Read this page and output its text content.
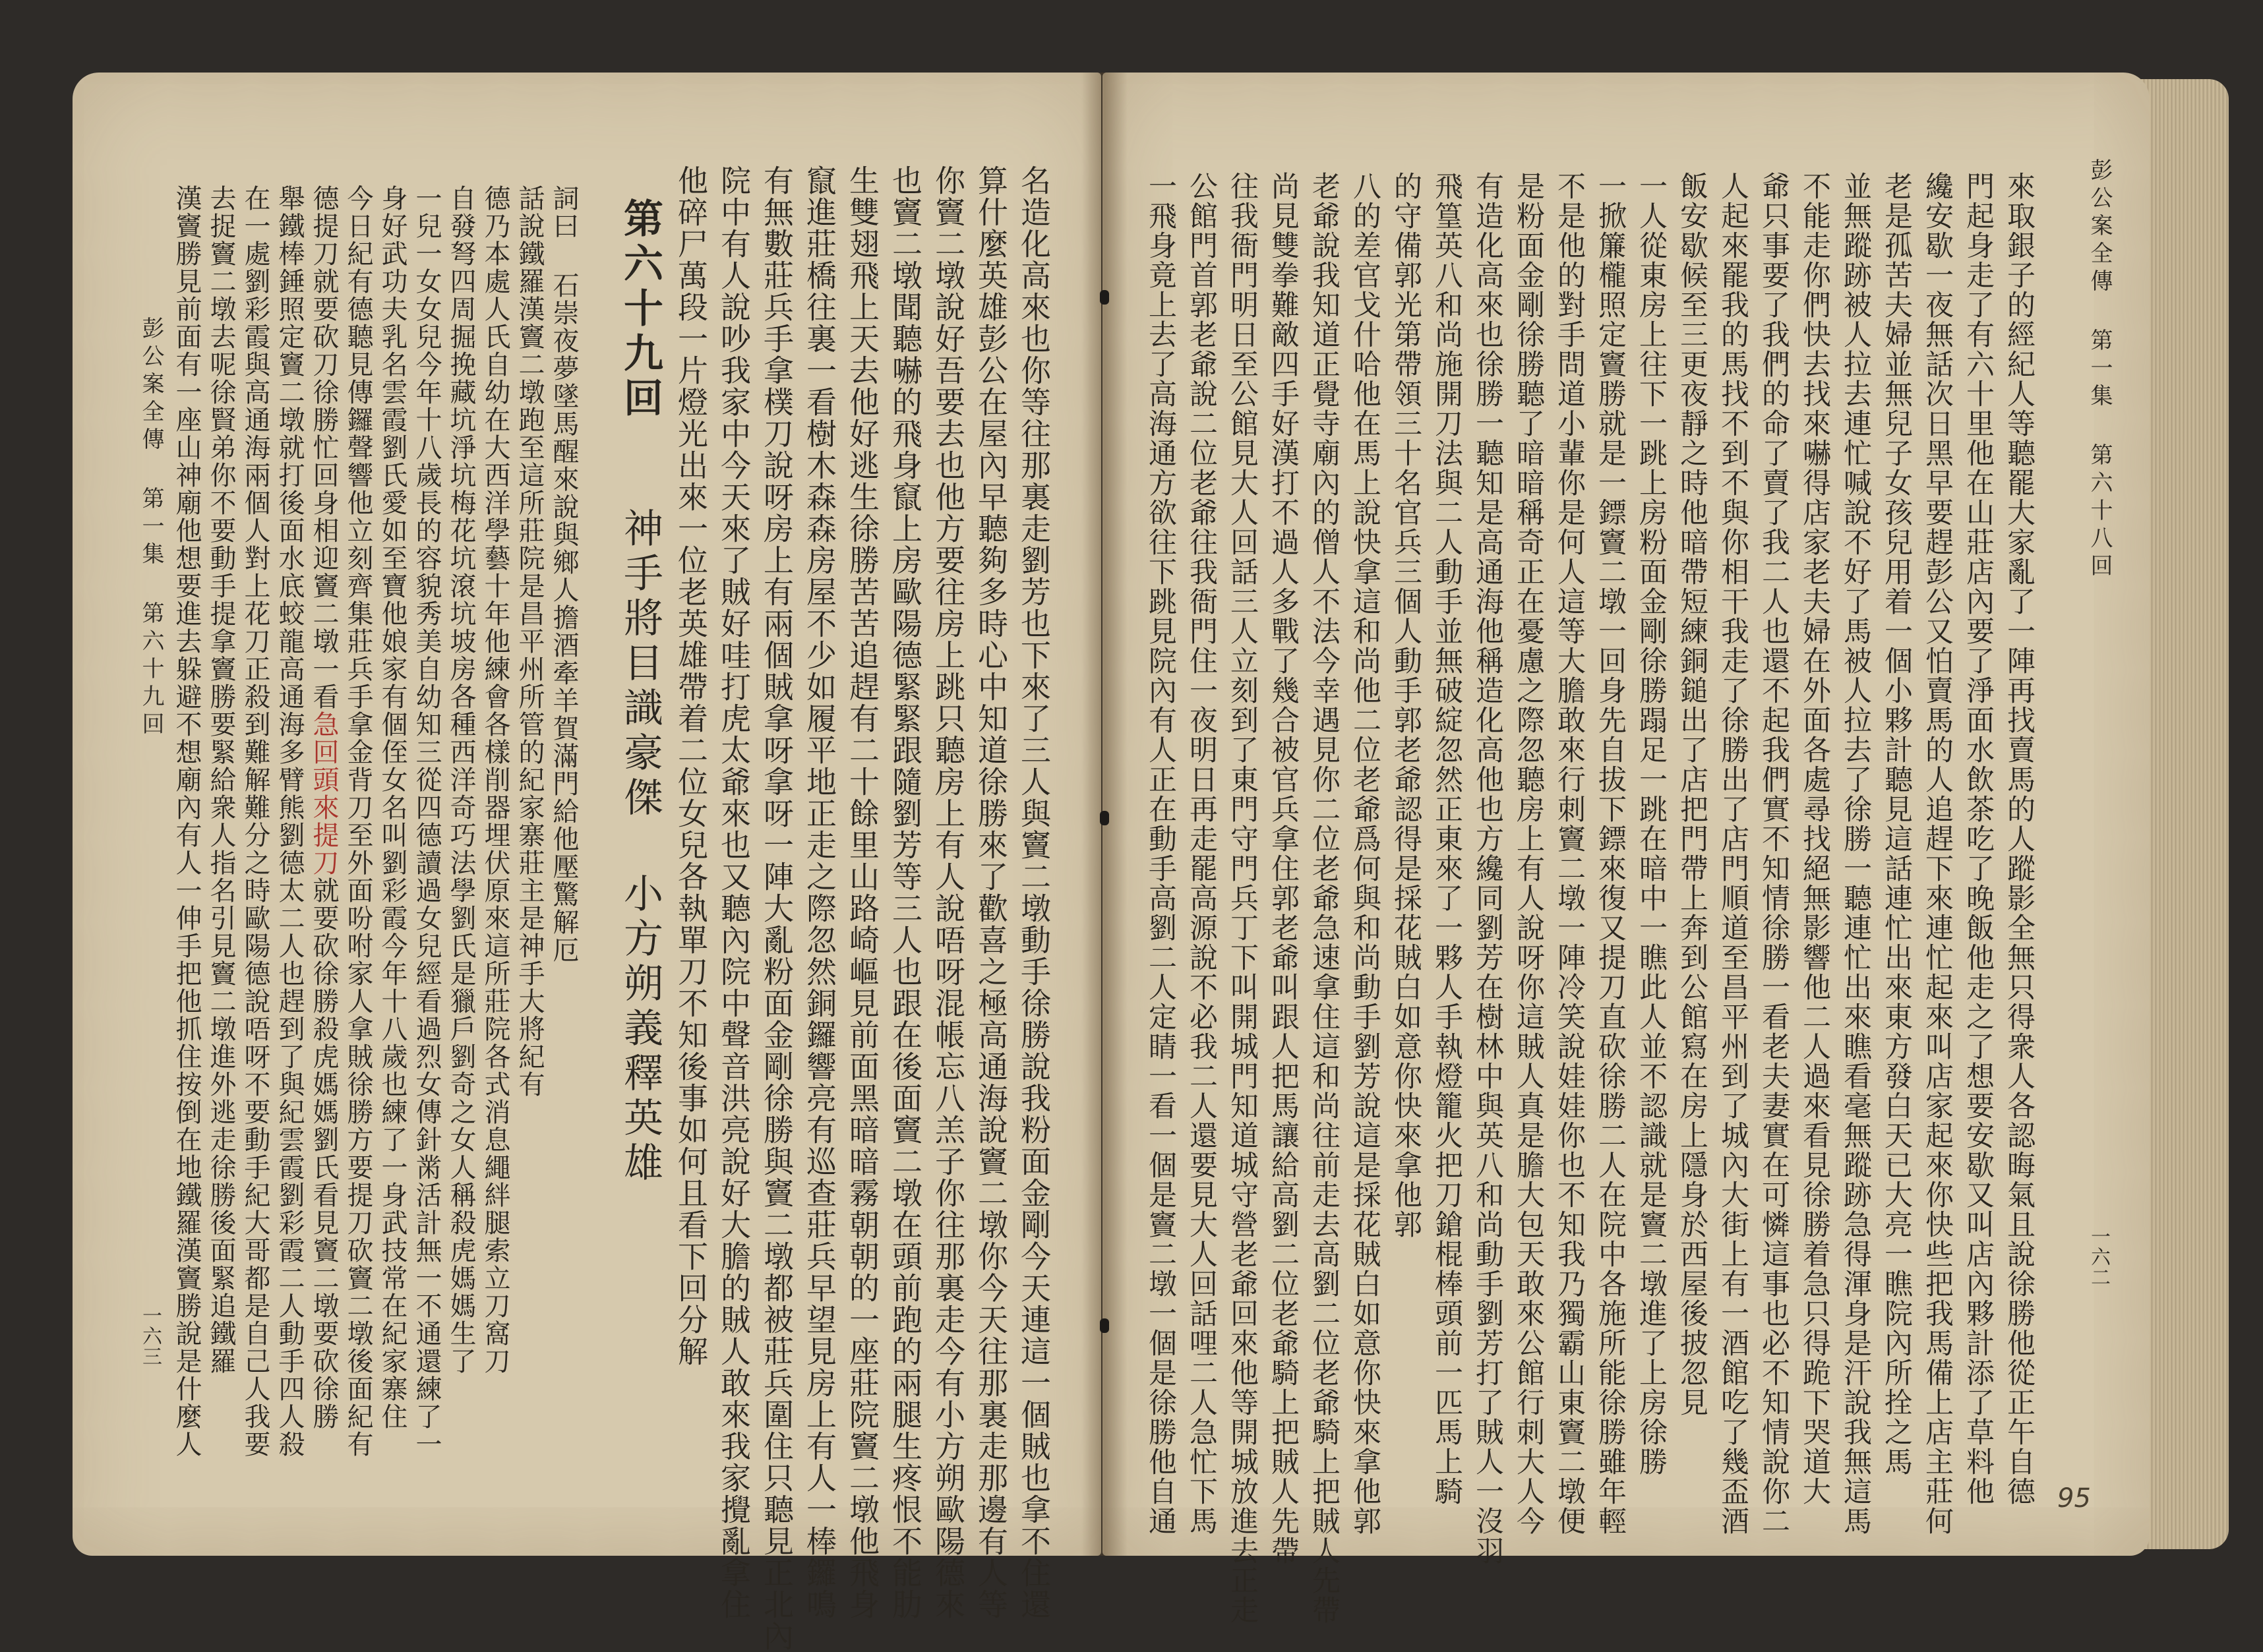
彭公案全傳 第一集 第六十八回
一六二
來取銀子的經紀人等聽罷大家亂了一陣再找賣馬的人蹤影全無只得衆人各認晦氣且說徐勝他從正午自德
門起身走了有六十里他在山莊店內要了淨面水飲茶吃了晚飯他走之了想要安歇又叫店內夥計添了草料他
纔安歇一夜無話次日黑早要趕彭公又怕賣馬的人追趕下來連忙起來叫店家起來你快些把我馬備上店主莊何
老是孤苦夫婦並無兒子女孩兒用着一個小夥計聽見這話連忙出來東方發白天已大亮一瞧院內所拴之馬
並無蹤跡被人拉去連忙喊說不好了馬被人拉去了徐勝一聽連忙出來瞧看毫無蹤跡急得渾身是汗說我無這馬
不能走你們快去找來嚇得店家老夫婦在外面各處尋找絕無影響他二人過來看見徐勝着急只得跪下哭道大
爺只事要了我們的命了賣了我二人也還不起我們實不知情徐勝一看老夫妻實在可憐這事也必不知情說你二
人起來罷我的馬找不到不與你相干我走了徐勝出了店門順道至昌平州到了城內大街上有一酒館吃了幾盃酒
飯安歇候至三更夜靜之時他暗帶短練銅鎚出了店把門帶上奔到公館寫在房上隱身於西屋後披忽見
一人從東房上往下一跳上房粉面金剛徐勝蹋足一跳在暗中一瞧此人並不認識就是竇二墩進了上房徐勝
一掀簾櫳照定竇勝就是一鏢竇二墩一回身先自拔下鏢來復又提刀直砍徐勝二人在院中各施所能徐勝雖年輕
不是他的對手問道小輩你是何人這等大膽敢來行刺竇二墩一陣冷笑說娃娃你也不知我乃獨霸山東竇二墩便
是粉面金剛徐勝聽了暗暗稱奇正在憂慮之際忽聽房上有人說呀你這賊人真是膽大包天敢來公館行刺大人今
有造化高來也徐勝一聽知是高通海他稱造化高他也方纔同劉芳在樹林中與英八和尚動手劉芳打了賊人一沒羽
飛篁英八和尚施開刀法與二人動手並無破綻忽然正東來了一夥人手執燈籠火把刀鎗棍棒頭前一匹馬上騎
的守備郭光第帶領三十名官兵三個人動手郭老爺認得是採花賊白如意你快來拿他郭
八的差官戈什哈他在馬上說快拿這和尚他二位老爺爲何與和尚動手劉芳說這是採花賊白如意你快來拿他郭
老爺說我知道正覺寺廟內的僧人不法今幸遇見你二位老爺急速拿住這和尚往前走去高劉二位老爺騎上把賊人先帶
尚見雙拳難敵四手好漢打不過人多戰了幾合被官兵拿住郭老爺叫跟人把馬讓給高劉二位老爺騎上把賊人先帶
往我衙門明日至公館見大人回話三人立刻到了東門守門兵丁下叫開城門知道城守營老爺回來他等開城放進去正走
公館門首郭老爺說二位老爺往我衙門住一夜明日再走罷高源說不必我二人還要見大人回話哩二人急忙下馬
一飛身竟上去了高海通方欲往下跳見院內有人正在動手高劉二人定睛一看一個是竇二墩一個是徐勝他自通
彭公案全傳 第一集 第六十九回
一六三	名造化高來也你等往那裏走劉芳也下來了三人與竇二墩動手徐勝說我粉面金剛今天連這一個賊也拿不住還
算什麼英雄彭公在屋內早聽夠多時心中知道徐勝來了歡喜之極高通海說竇二墩你今天往那裏走那邊有人等
你竇二墩說好吾要去也他方要往房上跳只聽房上有人說唔呀混帳忘八羔子你往那裏走今有小方朔歐陽德來
也竇二墩聞聽嚇的飛身竄上房歐陽德緊緊跟隨劉芳等三人也跟在後面竇二墩在頭前跑的兩腿生疼恨不能肋
生雙翅飛上天去他好逃生徐勝苦苦追趕有二十餘里山路崎嶇見前面黑暗暗霧朝朝的一座莊院竇二墩他飛身
竄進莊橋往裏一看樹木森森房屋不少如履平地正走之際忽然銅鑼響亮有巡查莊兵早望見房上有人一棒鑼鳴
有無數莊兵手拿樸刀說呀房上有兩個賊拿呀拿呀一陣大亂粉面金剛徐勝與竇二墩都被莊兵圍住只聽見正北內
院中有人說吵我家中今天來了賊好哇打虎太爺來也又聽內院中聲音洪亮說好大膽的賊人敢來我家攪亂拿住
他碎尸萬段一片燈光出來一位老英雄帶着二位女兒各執單刀不知後事如何且看下回分解
第六十九回
神手將目識豪傑 小方朔義釋英雄
詞曰 石崇夜夢墜馬醒來說與鄉人擔酒牽羊賀滿門給他壓驚解厄
話說鐵羅漢竇二墩跑至這所莊院是昌平州所管的紀家寨莊主是神手大將紀有
德乃本處人氏自幼在大西洋學藝十年他練會各樣削器埋伏原來這所莊院各式消息繩絆腿索立刀窩刀
自發弩四周掘挽藏坑淨坑梅花坑滾坑坡房各種西洋奇巧法學劉氏是獵戶劉奇之女人稱殺虎媽媽生了
一兒一女女兒今年十八歲長的容貌秀美自幼知三從四德讀過女兒經看過烈女傳針黹活計無一不通還練了一
身好武功夫乳名雲霞劉氏愛如至寶他娘家有個侄女名叫劉彩霞今年十八歲也練了一身武技常在紀家寨住
今日紀有德聽見傳鑼聲響他立刻齊集莊兵手拿金背刀至外面吩咐家人拿賊徐勝方要提刀砍竇二墩後面紀有
德提刀就要砍刀徐勝忙回身相迎竇二墩一看急回頭來提刀就要砍徐勝殺虎媽媽劉氏看見竇二墩要砍徐勝
舉鐵棒錘照定竇二墩就打後面水底蛟龍高通海多臂熊劉德太二人也趕到了與紀雲霞劉彩霞二人動手四人殺
在一處劉彩霞與高通海兩個人對上花刀正殺到難解難分之時歐陽德說唔呀不要動手紀大哥都是自己人我要
去捉竇二墩去呢徐賢弟你不要動手提拿竇勝要緊給衆人指名引見竇二墩進外逃走徐勝後面緊追鐵羅
漢竇勝見前面有一座山神廟他想要進去躲避不想廟內有人一伸手把他抓住按倒在地鐵羅漢竇勝說是什麼人
95
